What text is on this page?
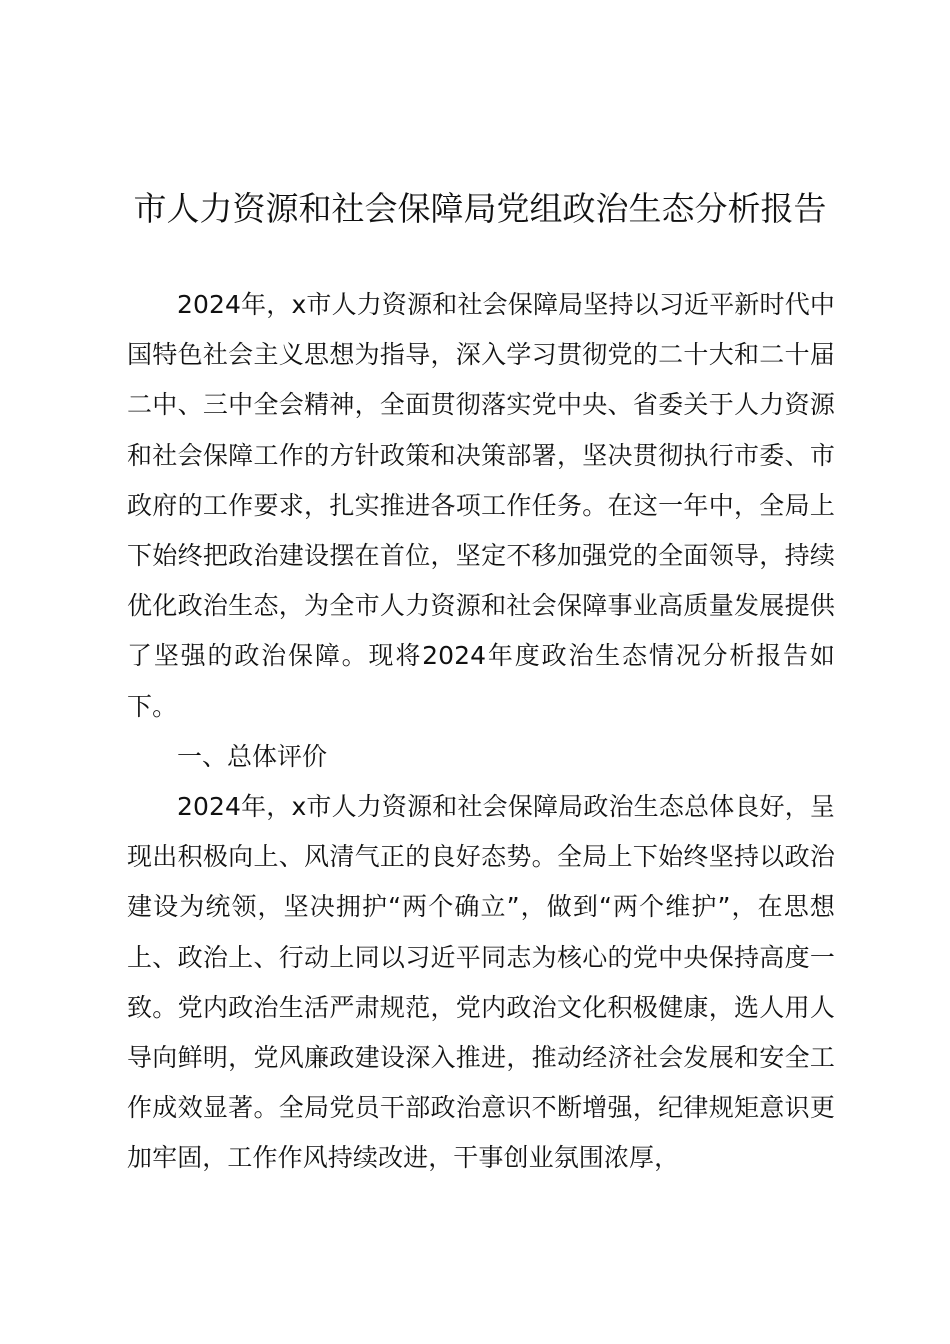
市人力资源和社会保障局党组政治生态分析报告

2024年，x市人力资源和社会保障局坚持以习近平新时代中国特色社会主义思想为指导，深入学习贯彻党的二十大和二十届二中、三中全会精神，全面贯彻落实党中央、省委关于人力资源和社会保障工作的方针政策和决策部署，坚决贯彻执行市委、市政府的工作要求，扎实推进各项工作任务。在这一年中，全局上下始终把政治建设摆在首位，坚定不移加强党的全面领导，持续优化政治生态，为全市人力资源和社会保障事业高质量发展提供了坚强的政治保障。现将2024年度政治生态情况分析报告如下。

一、总体评价

2024年，x市人力资源和社会保障局政治生态总体良好，呈现出积极向上、风清气正的良好态势。全局上下始终坚持以政治建设为统领，坚决拥护“两个确立”，做到“两个维护”，在思想上、政治上、行动上同以习近平同志为核心的党中央保持高度一致。党内政治生活严肃规范，党内政治文化积极健康，选人用人导向鲜明，党风廉政建设深入推进，推动经济社会发展和安全工作成效显著。全局党员干部政治意识不断增强，纪律规矩意识更加牢固，工作作风持续改进，干事创业氛围浓厚，
